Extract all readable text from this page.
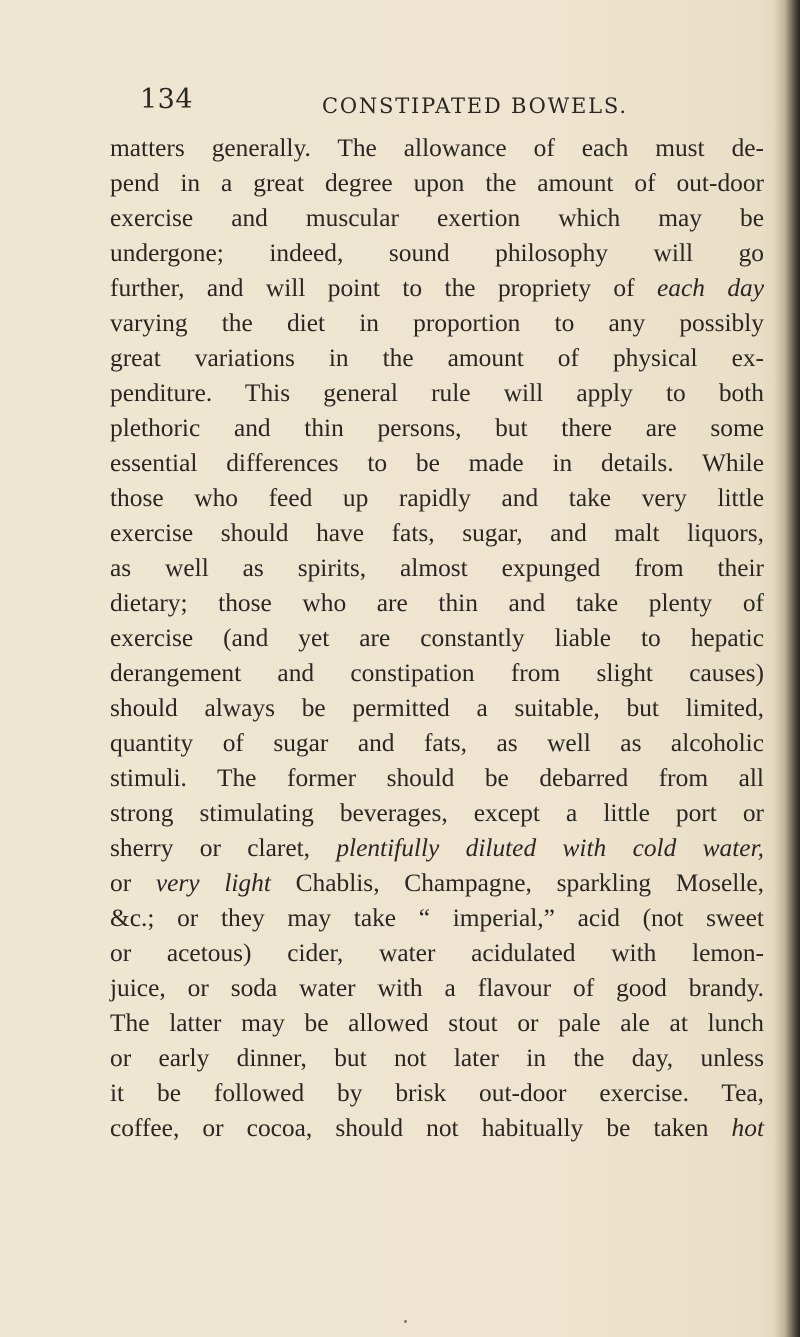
134	CONSTIPATED BOWELS.
matters generally. The allowance of each must de-
pend in a great degree upon the amount of out-door
exercise and muscular exertion which may be
undergone; indeed, sound philosophy will go
further, and will point to the propriety of each day
varying the diet in proportion to any possibly
great variations in the amount of physical ex-
penditure. This general rule will apply to both
plethoric and thin persons, but there are some
essential differences to be made in details. While
those who feed up rapidly and take very little
exercise should have fats, sugar, and malt liquors,
as well as spirits, almost expunged from their
dietary; those who are thin and take plenty of
exercise (and yet are constantly liable to hepatic
derangement and constipation from slight causes)
should always be permitted a suitable, but limited,
quantity of sugar and fats, as well as alcoholic
stimuli. The former should be debarred from all
strong stimulating beverages, except a little port or
sherry or claret, plentifully diluted with cold water,
or very light Chablis, Champagne, sparkling Moselle,
&c.; or they may take “ imperial,” acid (not sweet
or acetous) cider, water acidulated with lemon-
juice, or soda water with a flavour of good brandy.
The latter may be allowed stout or pale ale at lunch
or early dinner, but not later in the day, unless
it be followed by brisk out-door exercise. Tea,
coffee, or cocoa, should not habitually be taken hot
